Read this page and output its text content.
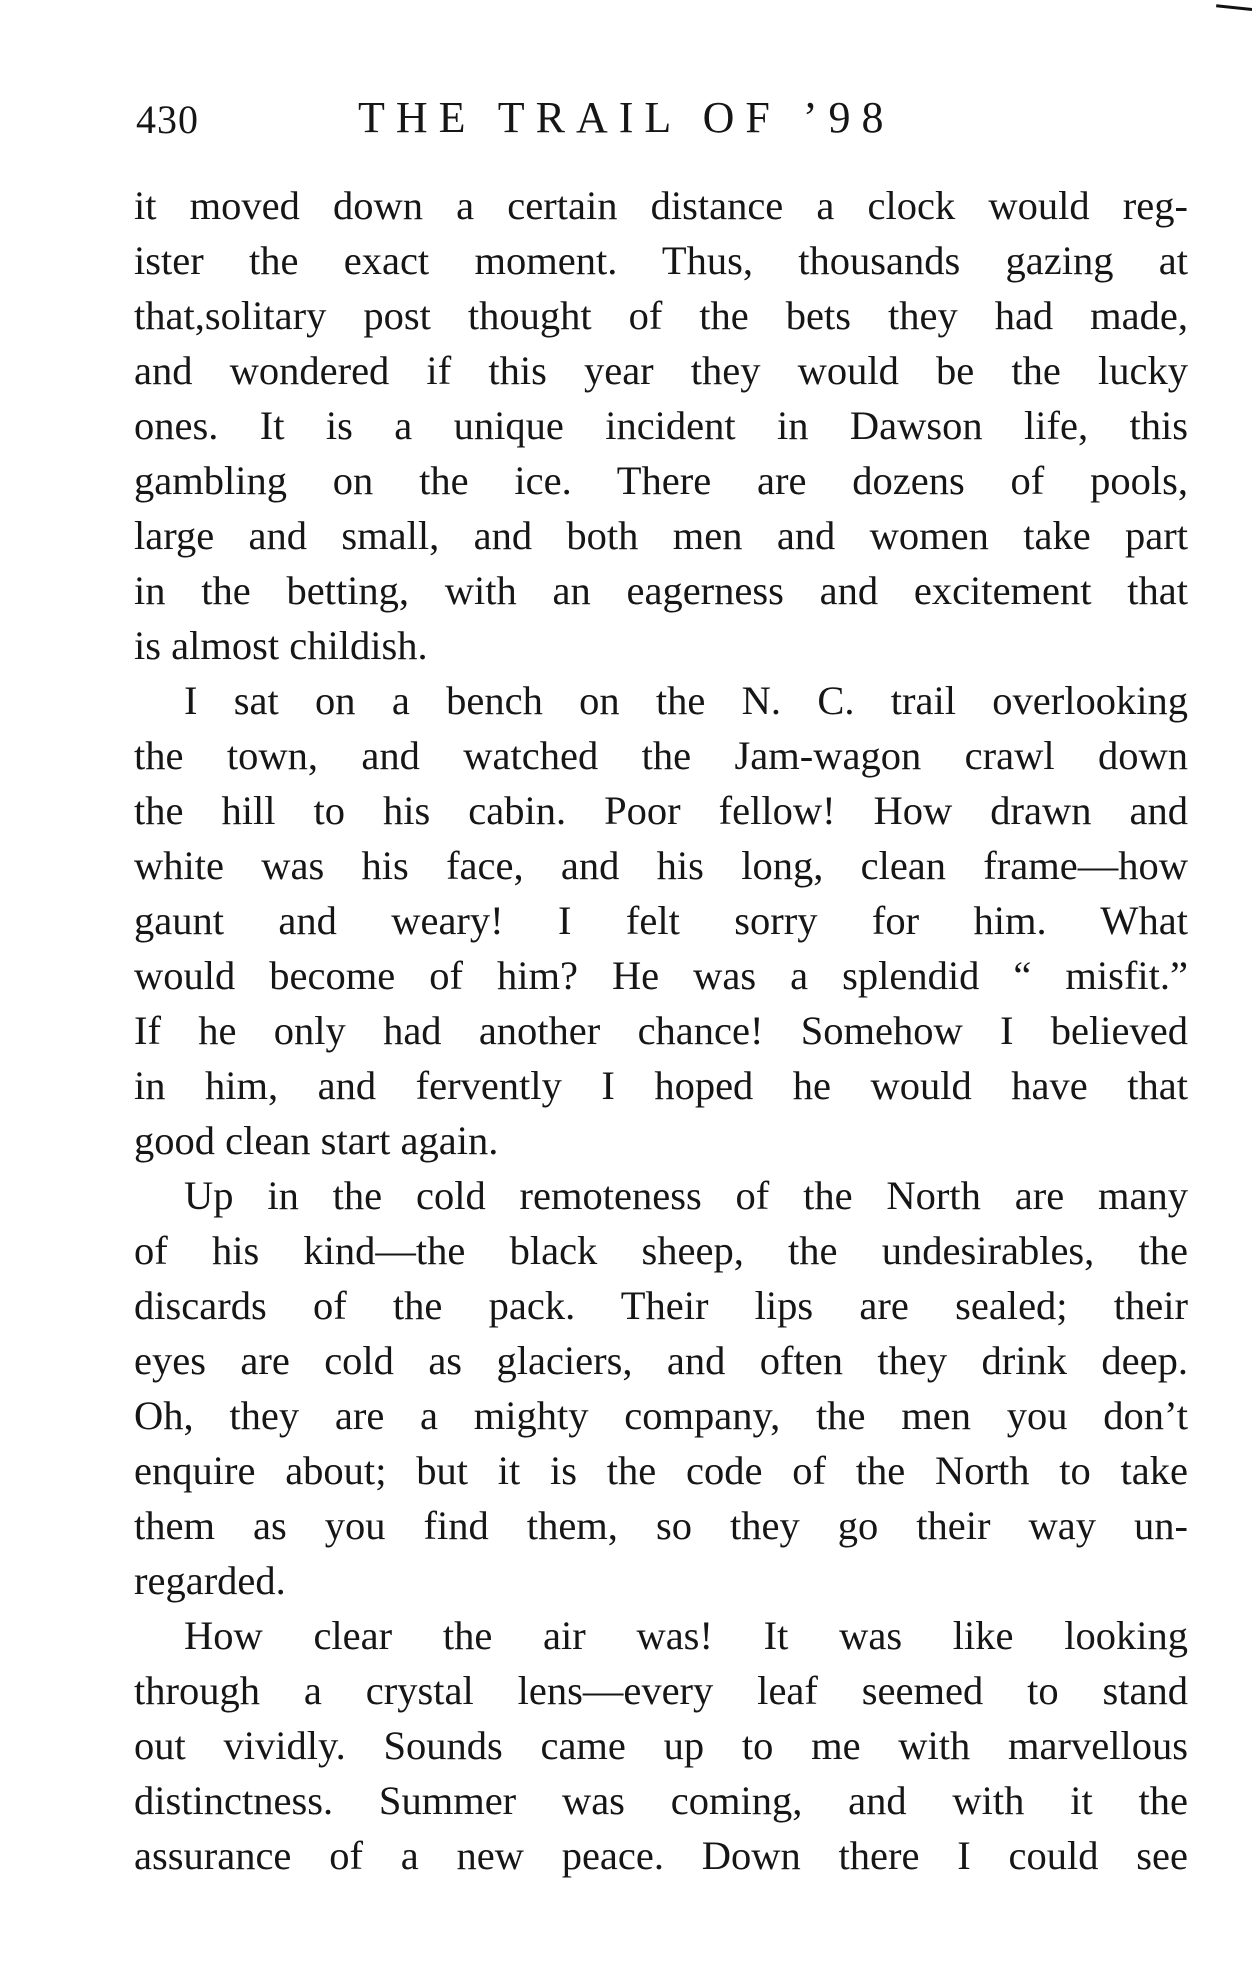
430	THE TRAIL OF ’98
it moved down a certain distance a clock would reg-
ister the exact moment. Thus, thousands gazing at
that,solitary post thought of the bets they had made,
and wondered if this year they would be the lucky
ones. It is a unique incident in Dawson life, this
gambling on the ice. There are dozens of pools,
large and small, and both men and women take part
in the betting, with an eagerness and excitement that
is almost childish.
I sat on a bench on the N. C. trail overlooking
the town, and watched the Jam-wagon crawl down
the hill to his cabin. Poor fellow! How drawn and
white was his face, and his long, clean frame—how
gaunt and weary! I felt sorry for him. What
would become of him? He was a splendid “ misfit.”
If he only had another chance! Somehow I believed
in him, and fervently I hoped he would have that
good clean start again.
Up in the cold remoteness of the North are many
of his kind—the black sheep, the undesirables, the
discards of the pack. Their lips are sealed; their
eyes are cold as glaciers, and often they drink deep.
Oh, they are a mighty company, the men you don’t
enquire about; but it is the code of the North to take
them as you find them, so they go their way un-
regarded.
How clear the air was! It was like looking
through a crystal lens—every leaf seemed to stand
out vividly. Sounds came up to me with marvellous
distinctness. Summer was coming, and with it the
assurance of a new peace. Down there I could see
